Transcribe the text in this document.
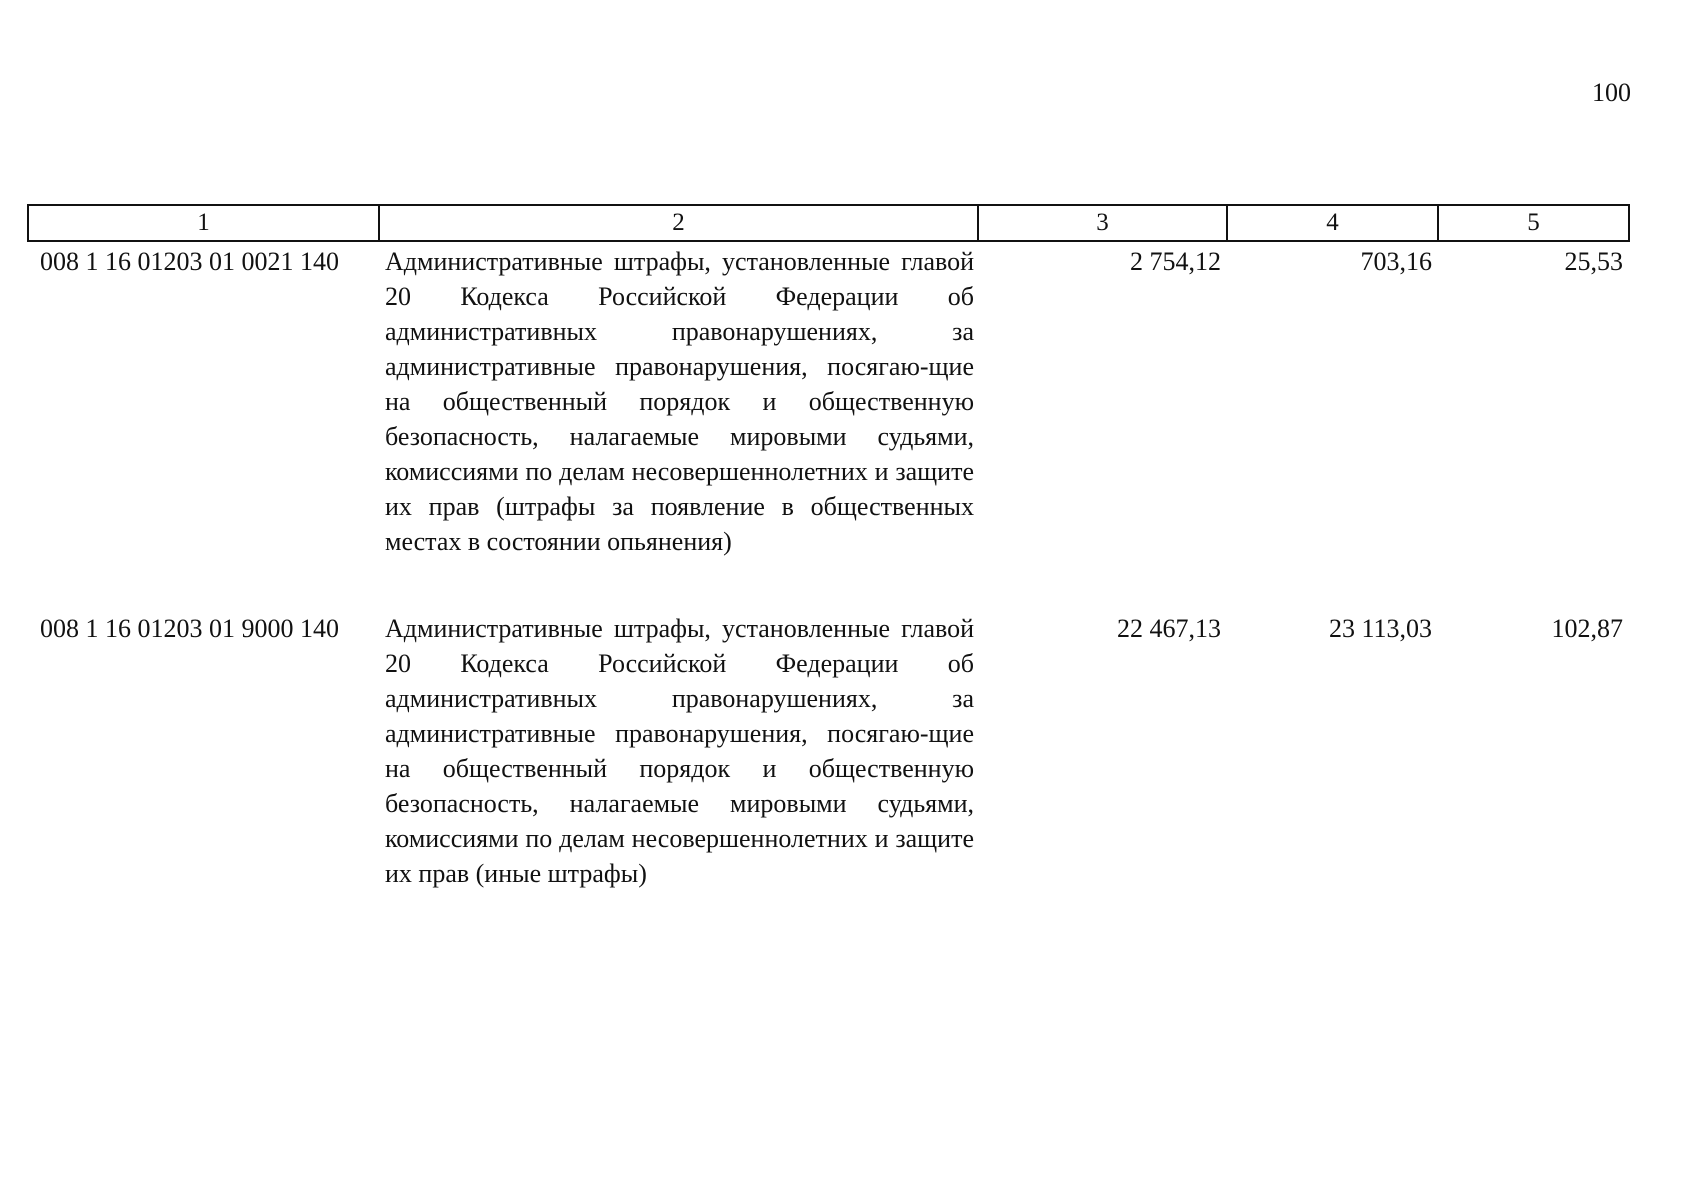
100
1	2	3	4	5
008 1 16 01203 01 0021 140	Административные штрафы, установленные главой 20 Кодекса Российской Федерации об административных правонарушениях, за административные правонарушения, посягаю-щие на общественный порядок и общественную безопасность, налагаемые мировыми судьями, комиссиями по делам несовершеннолетних и защите их прав (штрафы за появление в общественных местах в состоянии опьянения)	2 754,12	703,16	25,53

008 1 16 01203 01 9000 140	Административные штрафы, установленные главой 20 Кодекса Российской Федерации об административных правонарушениях, за административные правонарушения, посягаю-щие на общественный порядок и общественную безопасность, налагаемые мировыми судьями, комиссиями по делам несовершеннолетних и защите их прав (иные штрафы)	22 467,13	23 113,03	102,87
